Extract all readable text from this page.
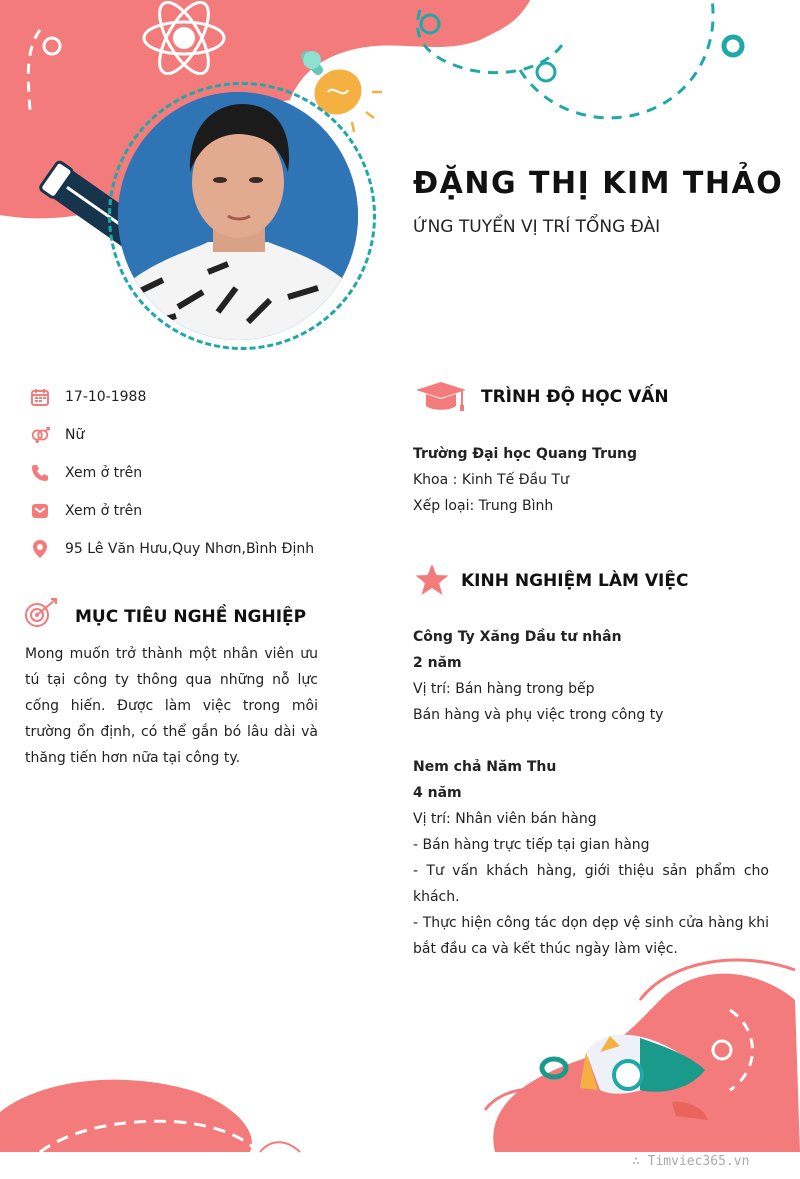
ĐẶNG THỊ KIM THẢO
ỨNG TUYỂN VỊ TRÍ TỔNG ĐÀI
17-10-1988
Nữ
Xem ở trên
Xem ở trên
95 Lê Văn Hưu,Quy Nhơn,Bình Định
MỤC TIÊU NGHỀ NGHIỆP
Mong muốn trở thành một nhân viên ưu tú tại công ty thông qua những nỗ lực cống hiến. Được làm việc trong môi trường ổn định, có thể gắn bó lâu dài và thăng tiến hơn nữa tại công ty.
TRÌNH ĐỘ HỌC VẤN
Trường Đại học Quang Trung
Khoa : Kinh Tế Đầu Tư
Xếp loại: Trung Bình
KINH NGHIỆM LÀM VIỆC
Công Ty Xăng Dầu tư nhân
2 năm
Vị trí: Bán hàng trong bếp
Bán hàng và phụ việc trong công ty
Nem chả Năm Thu
4 năm
Vị trí: Nhân viên bán hàng
- Bán hàng trực tiếp tại gian hàng
- Tư vấn khách hàng, giới thiệu sản phẩm cho khách.
- Thực hiện công tác dọn dẹp vệ sinh cửa hàng khi bắt đầu ca và kết thúc ngày làm việc.
∴ Timviec365.vn
